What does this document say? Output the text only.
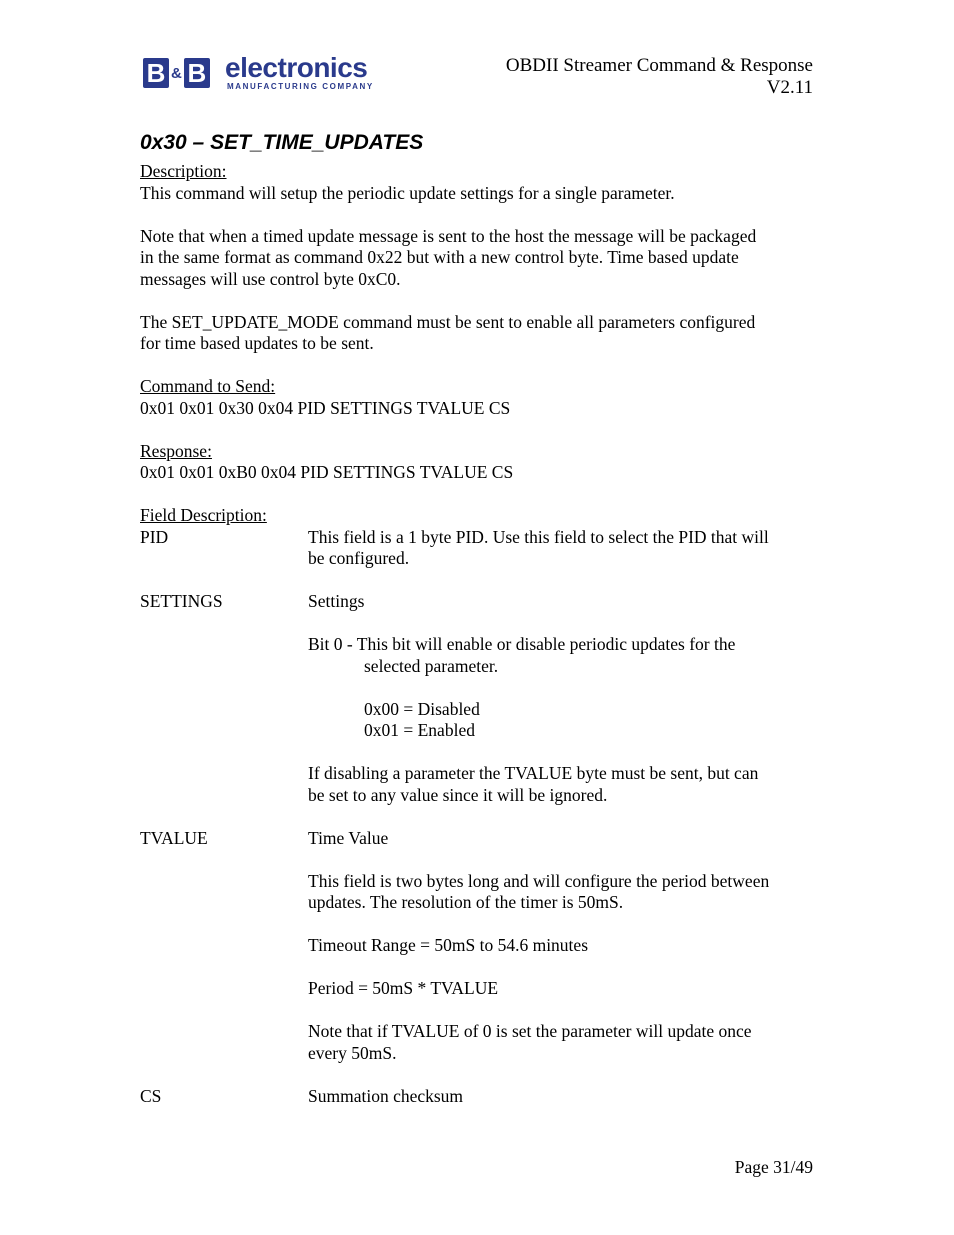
B & B electronics
MANUFACTURING COMPANY
OBDII Streamer Command & Response
V2.11
0x30 – SET_TIME_UPDATES
Description:
This command will setup the periodic update settings for a single parameter.
Note that when a timed update message is sent to the host the message will be packaged
in the same format as command 0x22 but with a new control byte. Time based update
messages will use control byte 0xC0.
The SET_UPDATE_MODE command must be sent to enable all parameters configured
for time based updates to be sent.
Command to Send:
0x01 0x01 0x30 0x04 PID SETTINGS TVALUE CS
Response:
0x01 0x01 0xB0 0x04 PID SETTINGS TVALUE CS
Field Description:
PID	This field is a 1 byte PID. Use this field to select the PID that will
be configured.
SETTINGS	Settings
Bit 0 - This bit will enable or disable periodic updates for the
selected parameter.
0x00 = Disabled
0x01 = Enabled
If disabling a parameter the TVALUE byte must be sent, but can
be set to any value since it will be ignored.
TVALUE	Time Value
This field is two bytes long and will configure the period between
updates. The resolution of the timer is 50mS.
Timeout Range = 50mS to 54.6 minutes
Period = 50mS * TVALUE
Note that if TVALUE of 0 is set the parameter will update once
every 50mS.
CS	Summation checksum
Page 31/49
